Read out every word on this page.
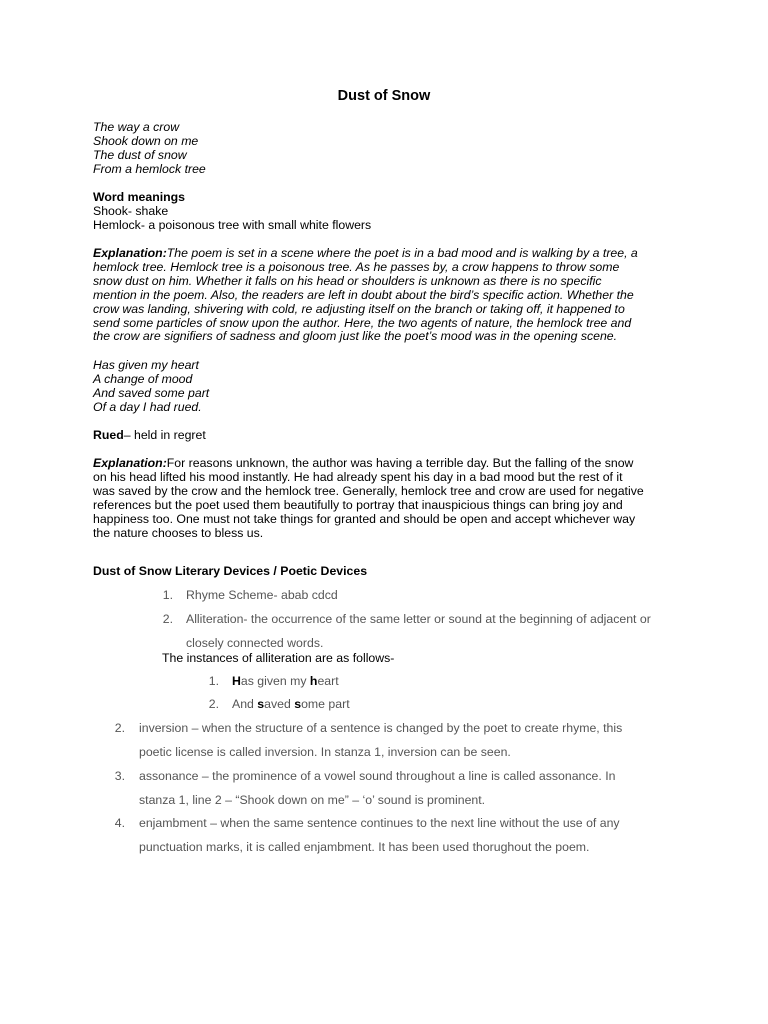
Dust of Snow
The way a crow
Shook down on me
The dust of snow
From a hemlock tree
Word meanings
Shook- shake
Hemlock- a poisonous tree with small white flowers
Explanation:The poem is set in a scene where the poet is in a bad mood and is walking by a tree, a
hemlock tree. Hemlock tree is a poisonous tree. As he passes by, a crow happens to throw some
snow dust on him. Whether it falls on his head or shoulders is unknown as there is no specific
mention in the poem. Also, the readers are left in doubt about the bird’s specific action. Whether the
crow was landing, shivering with cold, re adjusting itself on the branch or taking off, it happened to
send some particles of snow upon the author. Here, the two agents of nature, the hemlock tree and
the crow are signifiers of sadness and gloom just like the poet’s mood was in the opening scene.
Has given my heart
A change of mood
And saved some part
Of a day I had rued.
Rued– held in regret
Explanation:For reasons unknown, the author was having a terrible day. But the falling of the snow
on his head lifted his mood instantly. He had already spent his day in a bad mood but the rest of it
was saved by the crow and the hemlock tree. Generally, hemlock tree and crow are used for negative
references but the poet used them beautifully to portray that inauspicious things can bring joy and
happiness too. One must not take things for granted and should be open and accept whichever way
the nature chooses to bless us.
Dust of Snow Literary Devices / Poetic Devices
1. Rhyme Scheme- abab cdcd
2. Alliteration- the occurrence of the same letter or sound at the beginning of adjacent or
closely connected words.
The instances of alliteration are as follows-
1. Has given my heart
2. And saved some part
2. inversion – when the structure of a sentence is changed by the poet to create rhyme, this
poetic license is called inversion. In stanza 1, inversion can be seen.
3. assonance – the prominence of a vowel sound throughout a line is called assonance. In
stanza 1, line 2 – “Shook down on me” – ‘o’ sound is prominent.
4. enjambment – when the same sentence continues to the next line without the use of any
punctuation marks, it is called enjambment. It has been used thorughout the poem.
